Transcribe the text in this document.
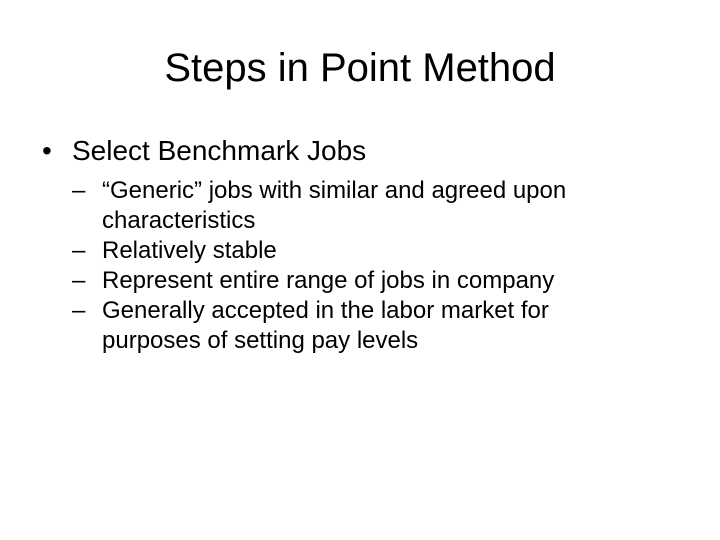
Steps in Point Method
• Select Benchmark Jobs
– “Generic” jobs with similar and agreed upon
characteristics
– Relatively stable
– Represent entire range of jobs in company
– Generally accepted in the labor market for
purposes of setting pay levels
